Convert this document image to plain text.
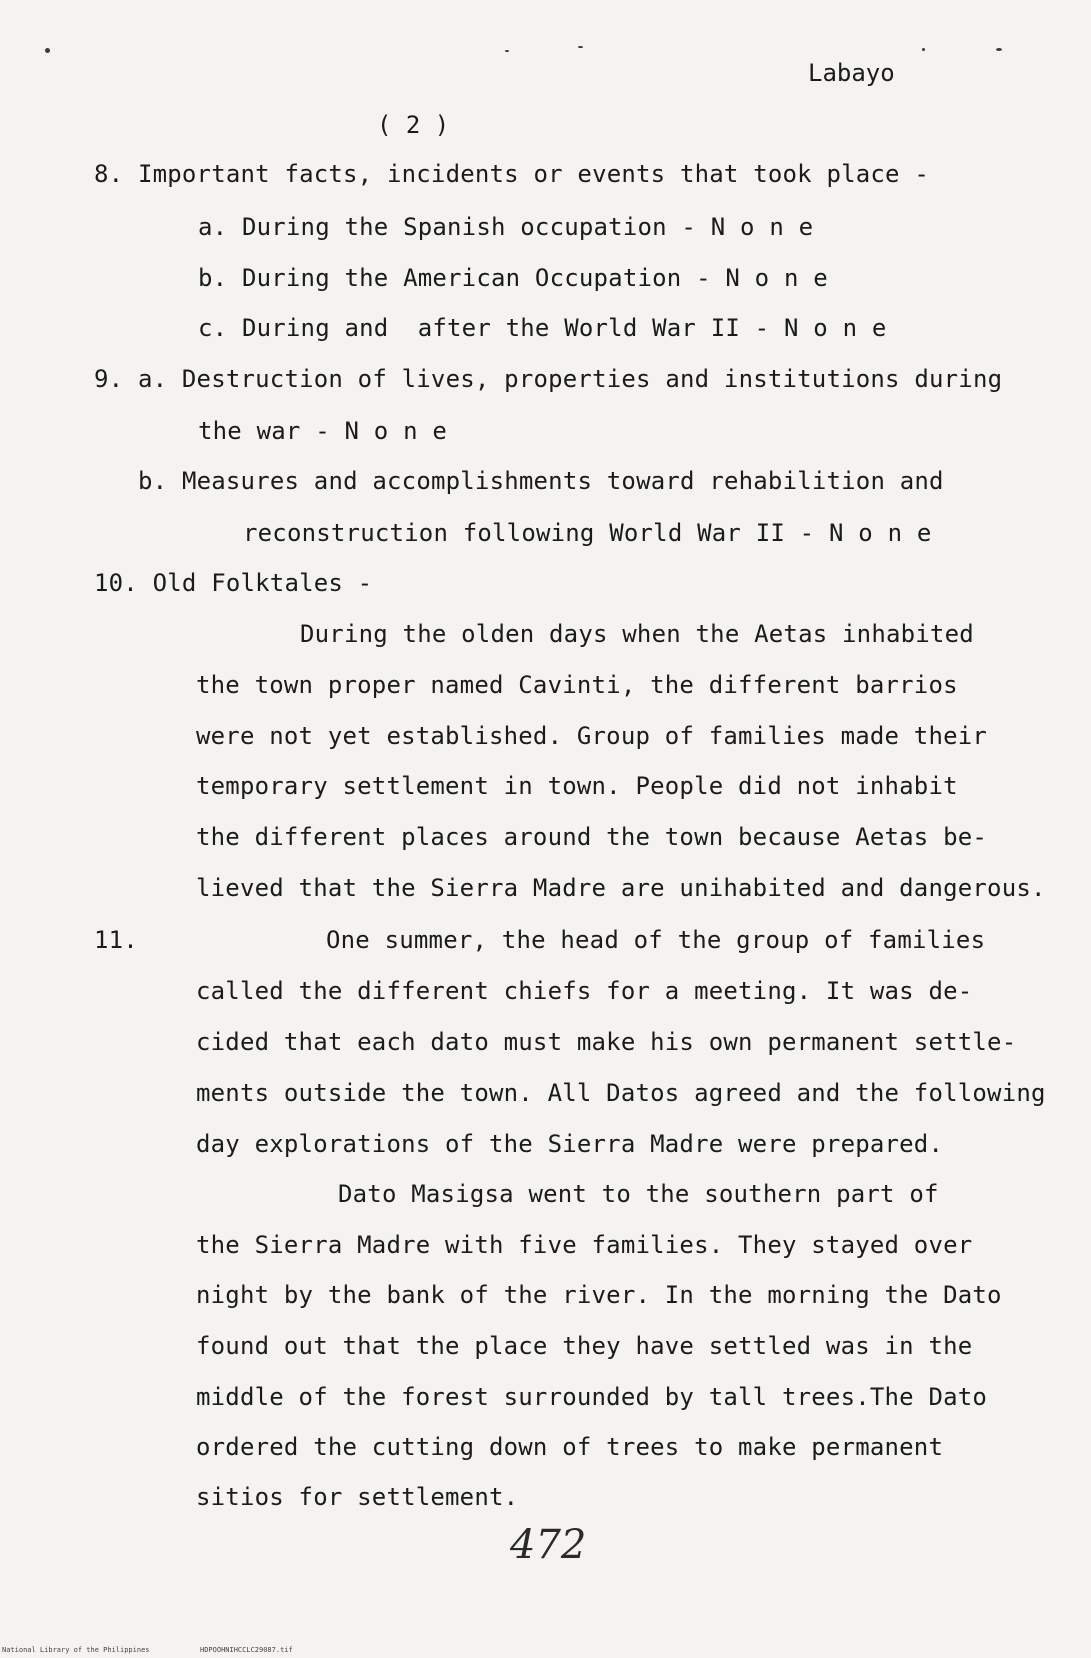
Labayo
( 2 )
8. Important facts, incidents or events that took place -
a. During the Spanish occupation - N o n e
b. During the American Occupation - N o n e
c. During and  after the World War II - N o n e
9. a. Destruction of lives, properties and institutions during
the war - N o n e
b. Measures and accomplishments toward rehabilition and
reconstruction following World War II - N o n e
10. Old Folktales -
During the olden days when the Aetas inhabited
the town proper named Cavinti, the different barrios
were not yet established. Group of families made their
temporary settlement in town. People did not inhabit
the different places around the town because Aetas be-
lieved that the Sierra Madre are unihabited and dangerous.
11.	One summer, the head of the group of families
called the different chiefs for a meeting. It was de-
cided that each dato must make his own permanent settle-
ments outside the town. All Datos agreed and the following
day explorations of the Sierra Madre were prepared.
Dato Masigsa went to the southern part of
the Sierra Madre with five families. They stayed over
night by the bank of the river. In the morning the Dato
found out that the place they have settled was in the
middle of the forest surrounded by tall trees.The Dato
ordered the cutting down of trees to make permanent
sitios for settlement.
472
National Library of the Philippines	HDPOOHNIHCCLC29087.tif
